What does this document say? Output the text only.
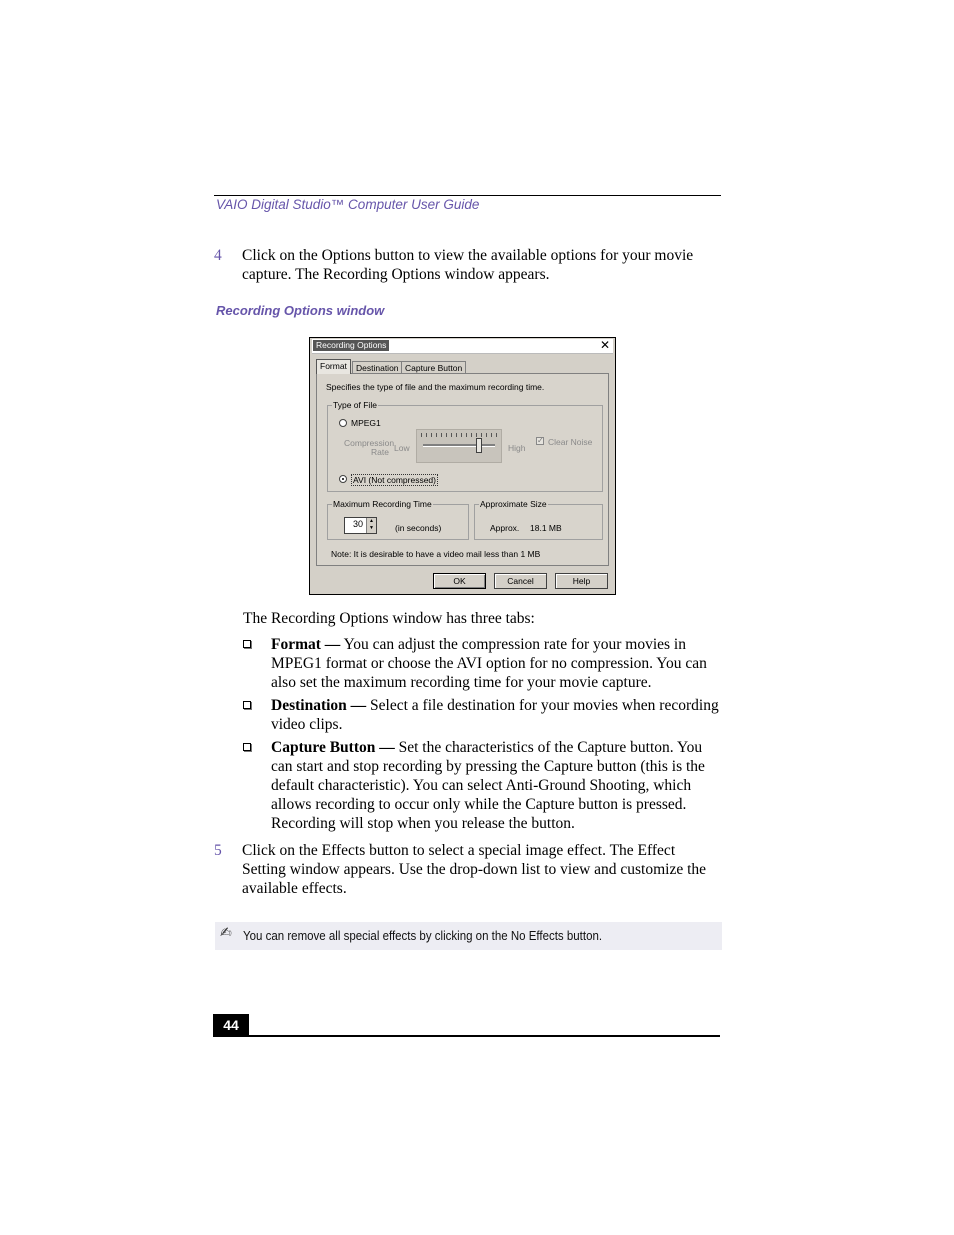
VAIO Digital Studio™ Computer User Guide
4 Click on the Options button to view the available options for your movie capture. The Recording Options window appears.
Recording Options window
Recording Options	✕
Format	Destination Capture Button
Specifies the type of file and the maximum recording time.
Type of File
MPEG1
Compression
Rate Low	High
✓ Clear Noise
AVI (Not compressed)
Maximum Recording Time
30	▲
▼ (in seconds)
Approximate Size
Approx. 18.1 MB
Note: It is desirable to have a video mail less than 1 MB
OK	Cancel	Help
The Recording Options window has three tabs:
Format — You can adjust the compression rate for your movies in MPEG1 format or choose the AVI option for no compression. You can also set the maximum recording time for your movie capture.
Destination — Select a file destination for your movies when recording video clips.
Capture Button — Set the characteristics of the Capture button. You can start and stop recording by pressing the Capture button (this is the default characteristic). You can select Anti-Ground Shooting, which allows recording to occur only while the Capture button is pressed. Recording will stop when you release the button.
5 Click on the Effects button to select a special image effect. The Effect Setting window appears. Use the drop-down list to view and customize the available effects.
✍ You can remove all special effects by clicking on the No Effects button.
44
